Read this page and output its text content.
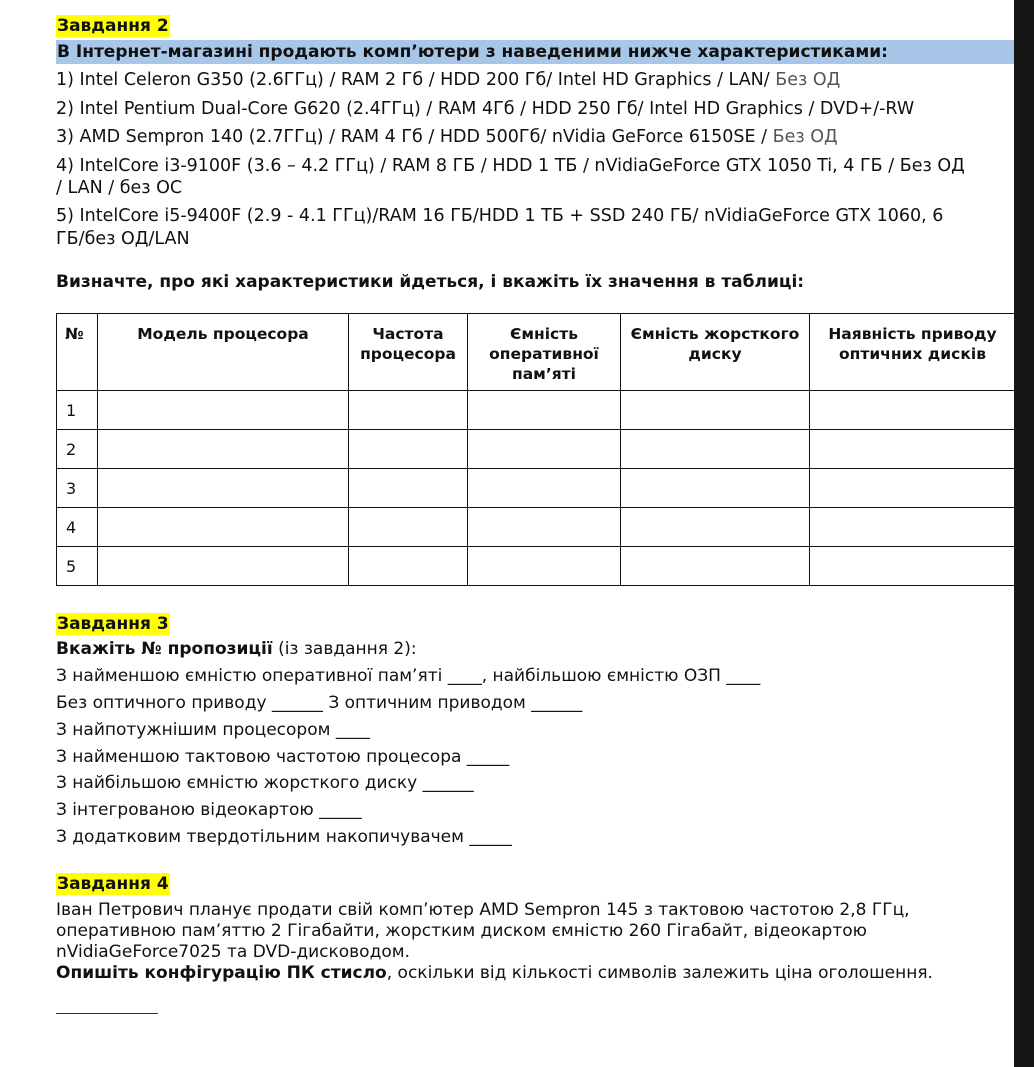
Завдання 2
В Інтернет-магазині продають комп’ютери з наведеними нижче характеристиками:
1) Intel Celeron G350 (2.6ГГц) / RAM 2 Гб / HDD 200 Гб/ Intel HD Graphics / LAN/ Без ОД
2) Intel Pentium Dual-Core G620 (2.4ГГц) / RAM 4Гб / HDD 250 Гб/ Intel HD Graphics / DVD+/-RW
3) AMD Sempron 140 (2.7ГГц) / RAM 4 Гб / HDD 500Гб/ nVidia GeForce 6150SE / Без ОД
4) IntelCore i3-9100F (3.6 – 4.2 ГГц) / RAM 8 ГБ / HDD 1 ТБ / nVidiaGeForce GTX 1050 Ti, 4 ГБ / Без ОД
/ LAN / без ОС
5) IntelCore i5-9400F (2.9 - 4.1 ГГц)/RAM 16 ГБ/HDD 1 ТБ + SSD 240 ГБ/ nVidiaGeForce GTX 1060, 6
ГБ/без ОД/LAN
Визначте, про які характеристики йдеться, і вкажіть їх значення в таблиці:
№	Модель процесора	Частота процесора	Ємність оперативної пам’яті	Ємність жорсткого диску	Наявність приводу оптичних дисків
1					
2					
3					
4					
5					
Завдання 3
Вкажіть № пропозиції (із завдання 2):
З найменшою ємністю оперативної пам’яті ____, найбільшою ємністю ОЗП ____
Без оптичного приводу ______ З оптичним приводом ______
З найпотужнішим процесором ____
З найменшою тактовою частотою процесора _____
З найбільшою ємністю жорсткого диску ______
З інтегрованою відеокартою _____
З додатковим твердотільним накопичувачем _____
Завдання 4
Іван Петрович планує продати свій комп’ютер AMD Sempron 145 з тактовою частотою 2,8 ГГц,
оперативною пам’яттю 2 Гігабайти, жорстким диском ємністю 260 Гігабайт, відеокартою
nVidiaGeForce7025 та DVD-дисководом.
Опишіть конфігурацію ПК стисло, оскільки від кількості символів залежить ціна оголошення.
